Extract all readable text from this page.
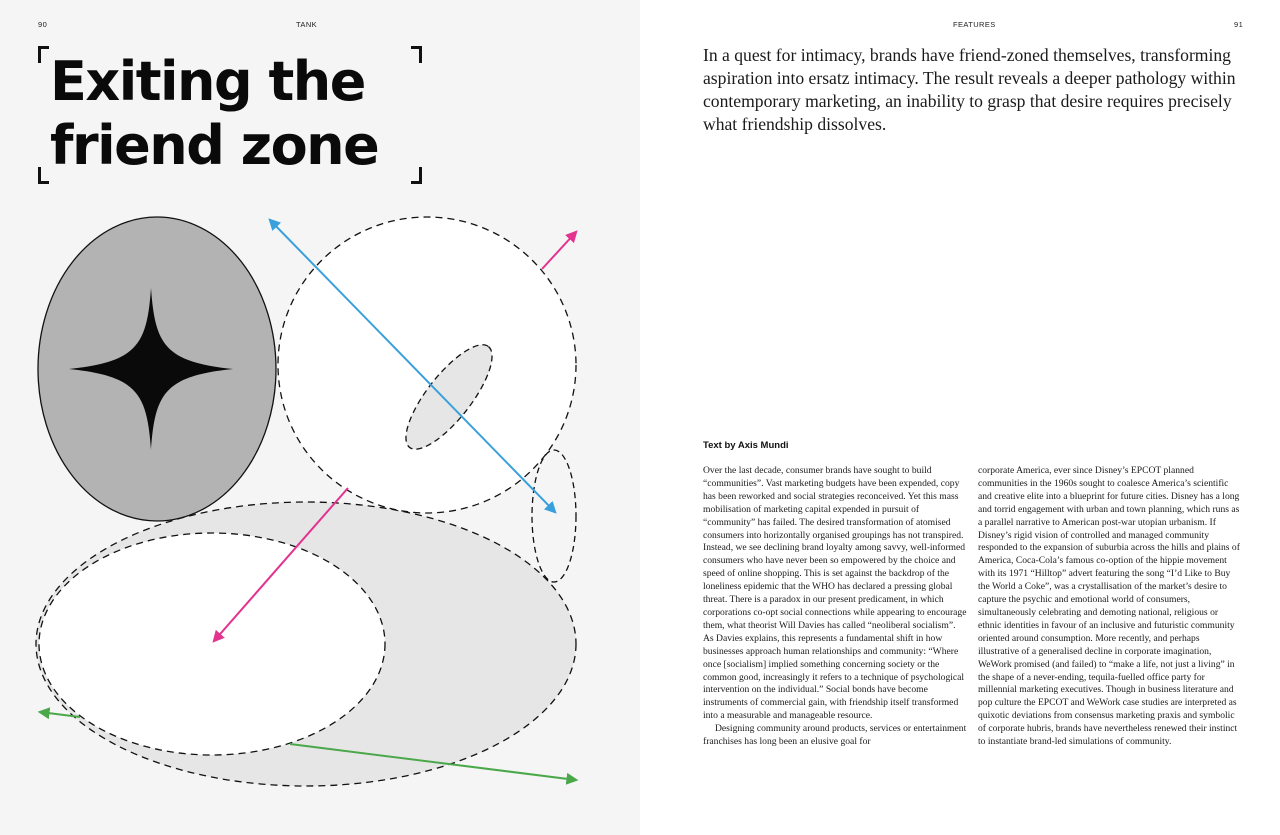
90	TANK
Exiting the
friend zone
FEATURES	91

In a quest for intimacy, brands have friend-zoned themselves, transforming aspiration into ersatz intimacy. The result reveals a deeper pathology within contemporary marketing, an inability to grasp that desire requires precisely what friendship dissolves.

Text by Axis Mundi

Over the last decade, consumer brands have sought to build “communities”. Vast marketing budgets have been expended, copy has been reworked and social strategies reconceived. Yet this mass mobilisation of marketing capital expended in pursuit of “community” has failed. The desired transformation of atomised consumers into horizontally organised groupings has not transpired. Instead, we see declining brand loyalty among savvy, well-informed consumers who have never been so empowered by the choice and speed of online shopping. This is set against the backdrop of the loneliness epidemic that the WHO has declared a pressing global threat. There is a paradox in our present predicament, in which corporations co-opt social connections while appearing to encourage them, what theorist Will Davies has called “neoliberal socialism”. As Davies explains, this represents a fundamental shift in how businesses approach human relationships and community: “Where once [socialism] implied something concerning society or the common good, increasingly it refers to a technique of psychological intervention on the individual.” Social bonds have become instruments of commercial gain, with friendship itself transformed into a measurable and manageable resource.

Designing community around products, services or entertainment franchises has long been an elusive goal for

corporate America, ever since Disney’s EPCOT planned communities in the 1960s sought to coalesce America’s scientific and creative elite into a blueprint for future cities. Disney has a long and torrid engagement with urban and town planning, which runs as a parallel narrative to American post-war utopian urbanism. If Disney’s rigid vision of controlled and managed community responded to the expansion of suburbia across the hills and plains of America, Coca-Cola’s famous co-option of the hippie movement with its 1971 “Hilltop” advert featuring the song “I’d Like to Buy the World a Coke”, was a crystallisation of the market’s desire to capture the psychic and emotional world of consumers, simultaneously celebrating and demoting national, religious or ethnic identities in favour of an inclusive and futuristic community oriented around consumption. More recently, and perhaps illustrative of a generalised decline in corporate imagination, WeWork promised (and failed) to “make a life, not just a living” in the shape of a never-ending, tequila-fuelled office party for millennial marketing executives. Though in business literature and pop culture the EPCOT and WeWork case studies are interpreted as quixotic deviations from consensus marketing praxis and symbolic of corporate hubris, brands have nevertheless renewed their instinct to instantiate brand-led simulations of community.
